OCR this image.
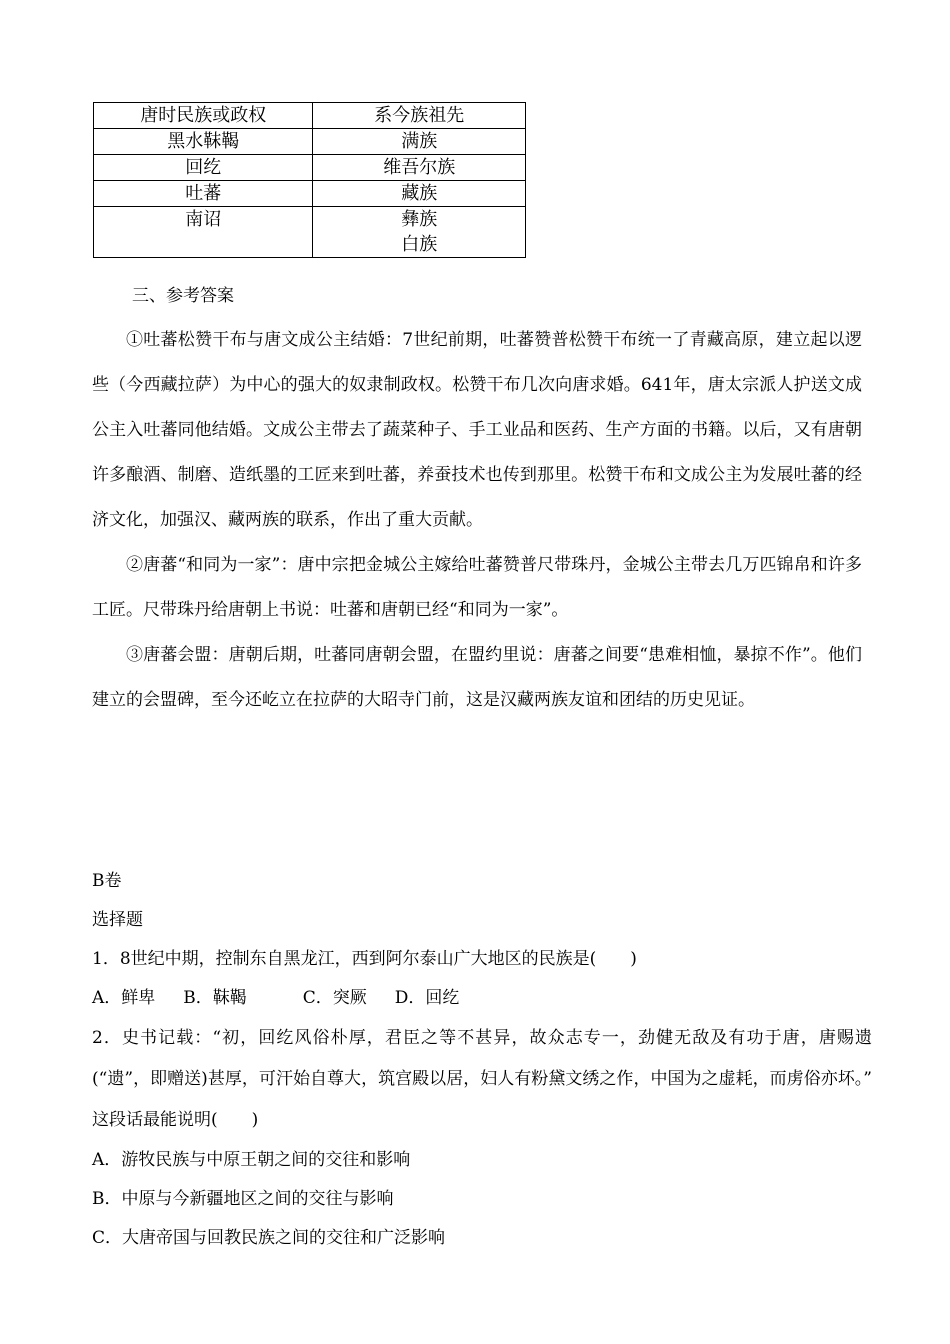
唐时民族或政权	系今族祖先
黑水靺鞨	满族
回纥	维吾尔族
吐蕃	藏族
南诏	彝族
白族
三、参考答案

①吐蕃松赞干布与唐文成公主结婚：7世纪前期，吐蕃赞普松赞干布统一了青藏高原，建立起以逻些（今西藏拉萨）为中心的强大的奴隶制政权。松赞干布几次向唐求婚。641年，唐太宗派人护送文成公主入吐蕃同他结婚。文成公主带去了蔬菜种子、手工业品和医药、生产方面的书籍。以后，又有唐朝许多酿酒、制磨、造纸墨的工匠来到吐蕃，养蚕技术也传到那里。松赞干布和文成公主为发展吐蕃的经济文化，加强汉、藏两族的联系，作出了重大贡献。

②唐蕃“和同为一家”：唐中宗把金城公主嫁给吐蕃赞普尺带珠丹，金城公主带去几万匹锦帛和许多工匠。尺带珠丹给唐朝上书说：吐蕃和唐朝已经“和同为一家”。

③唐蕃会盟：唐朝后期，吐蕃同唐朝会盟，在盟约里说：唐蕃之间要“患难相恤，暴掠不作”。他们建立的会盟碑，至今还屹立在拉萨的大昭寺门前，这是汉藏两族友谊和团结的历史见证。

B卷
选择题
1．8世纪中期，控制东自黑龙江，西到阿尔泰山广大地区的民族是(　　)
A．鲜卑 B．靺鞨	C．突厥 D．回纥
2．史书记载：“初，回纥风俗朴厚，君臣之等不甚异，故众志专一，劲健无敌及有功于唐，唐赐遗(“遗”，即赠送)甚厚，可汗始自尊大，筑宫殿以居，妇人有粉黛文绣之作，中国为之虚耗，而虏俗亦坏。” 这段话最能说明(　　)
A．游牧民族与中原王朝之间的交往和影响
B．中原与今新疆地区之间的交往与影响
C．大唐帝国与回教民族之间的交往和广泛影响
